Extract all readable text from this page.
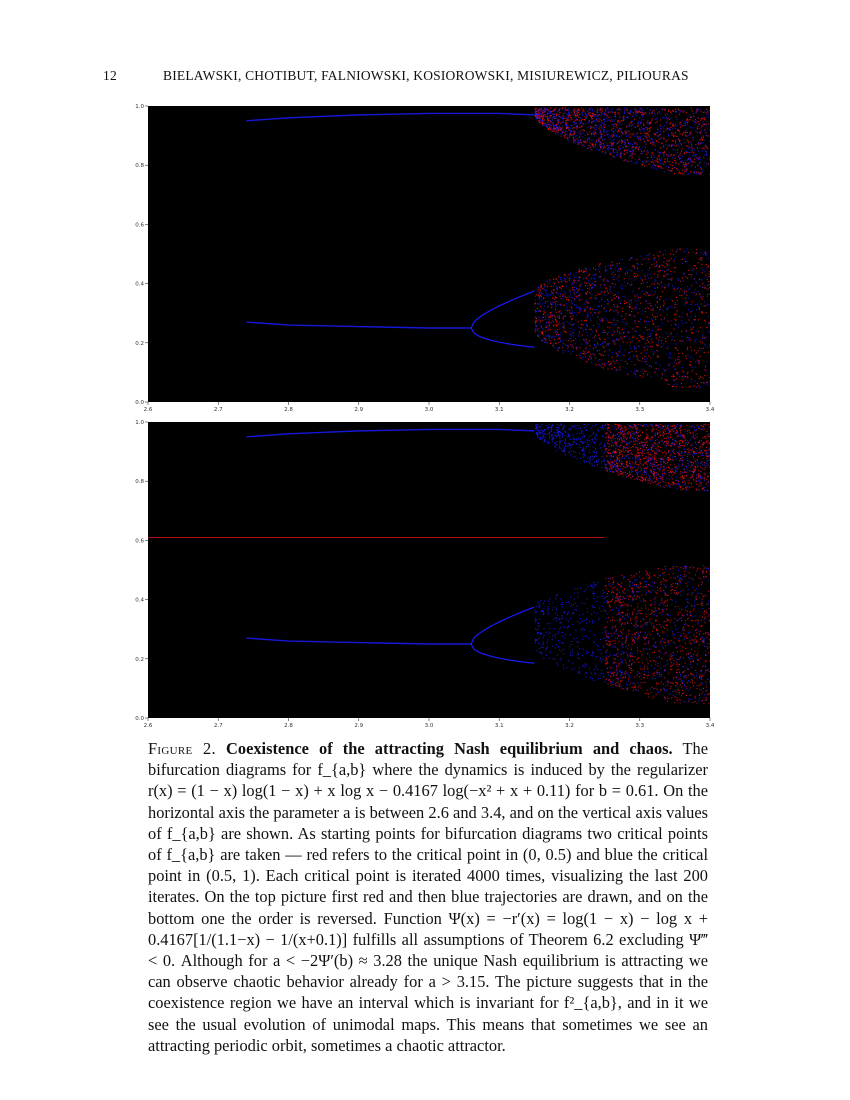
12	BIELAWSKI, CHOTIBUT, FALNIOWSKI, KOSIOROWSKI, MISIUREWICZ, PILIOURAS
2.6	2.7	2.8	2.9	3.0	3.1	3.2	3.3	3.4
0.0
0.2
0.4
0.6
0.8
1.0
2.6	2.7	2.8	2.9	3.0	3.1	3.2	3.3	3.4
0.0
0.2
0.4
0.6
0.8
1.0

Figure 2. Coexistence of the attracting Nash equilibrium and chaos. The bifurcation diagrams for f_{a,b} where the dynamics is induced by the regularizer r(x) = (1 − x) log(1 − x) + x log x − 0.4167 log(−x² + x + 0.11) for b = 0.61. On the horizontal axis the parameter a is between 2.6 and 3.4, and on the vertical axis values of f_{a,b} are shown. As starting points for bifurcation diagrams two critical points of f_{a,b} are taken — red refers to the critical point in (0, 0.5) and blue the critical point in (0.5, 1). Each critical point is iterated 4000 times, visualizing the last 200 iterates. On the top picture first red and then blue trajectories are drawn, and on the bottom one the order is reversed. Function Ψ(x) = −r′(x) = log(1 − x) − log x + 0.4167[1/(1.1−x) − 1/(x+0.1)] fulfills all assumptions of Theorem 6.2 excluding Ψ‴ < 0. Although for a < −2Ψ′(b) ≈ 3.28 the unique Nash equilibrium is attracting we can observe chaotic behavior already for a > 3.15. The picture suggests that in the coexistence region we have an interval which is invariant for f²_{a,b}, and in it we see the usual evolution of unimodal maps. This means that sometimes we see an attracting periodic orbit, sometimes a chaotic attractor.
